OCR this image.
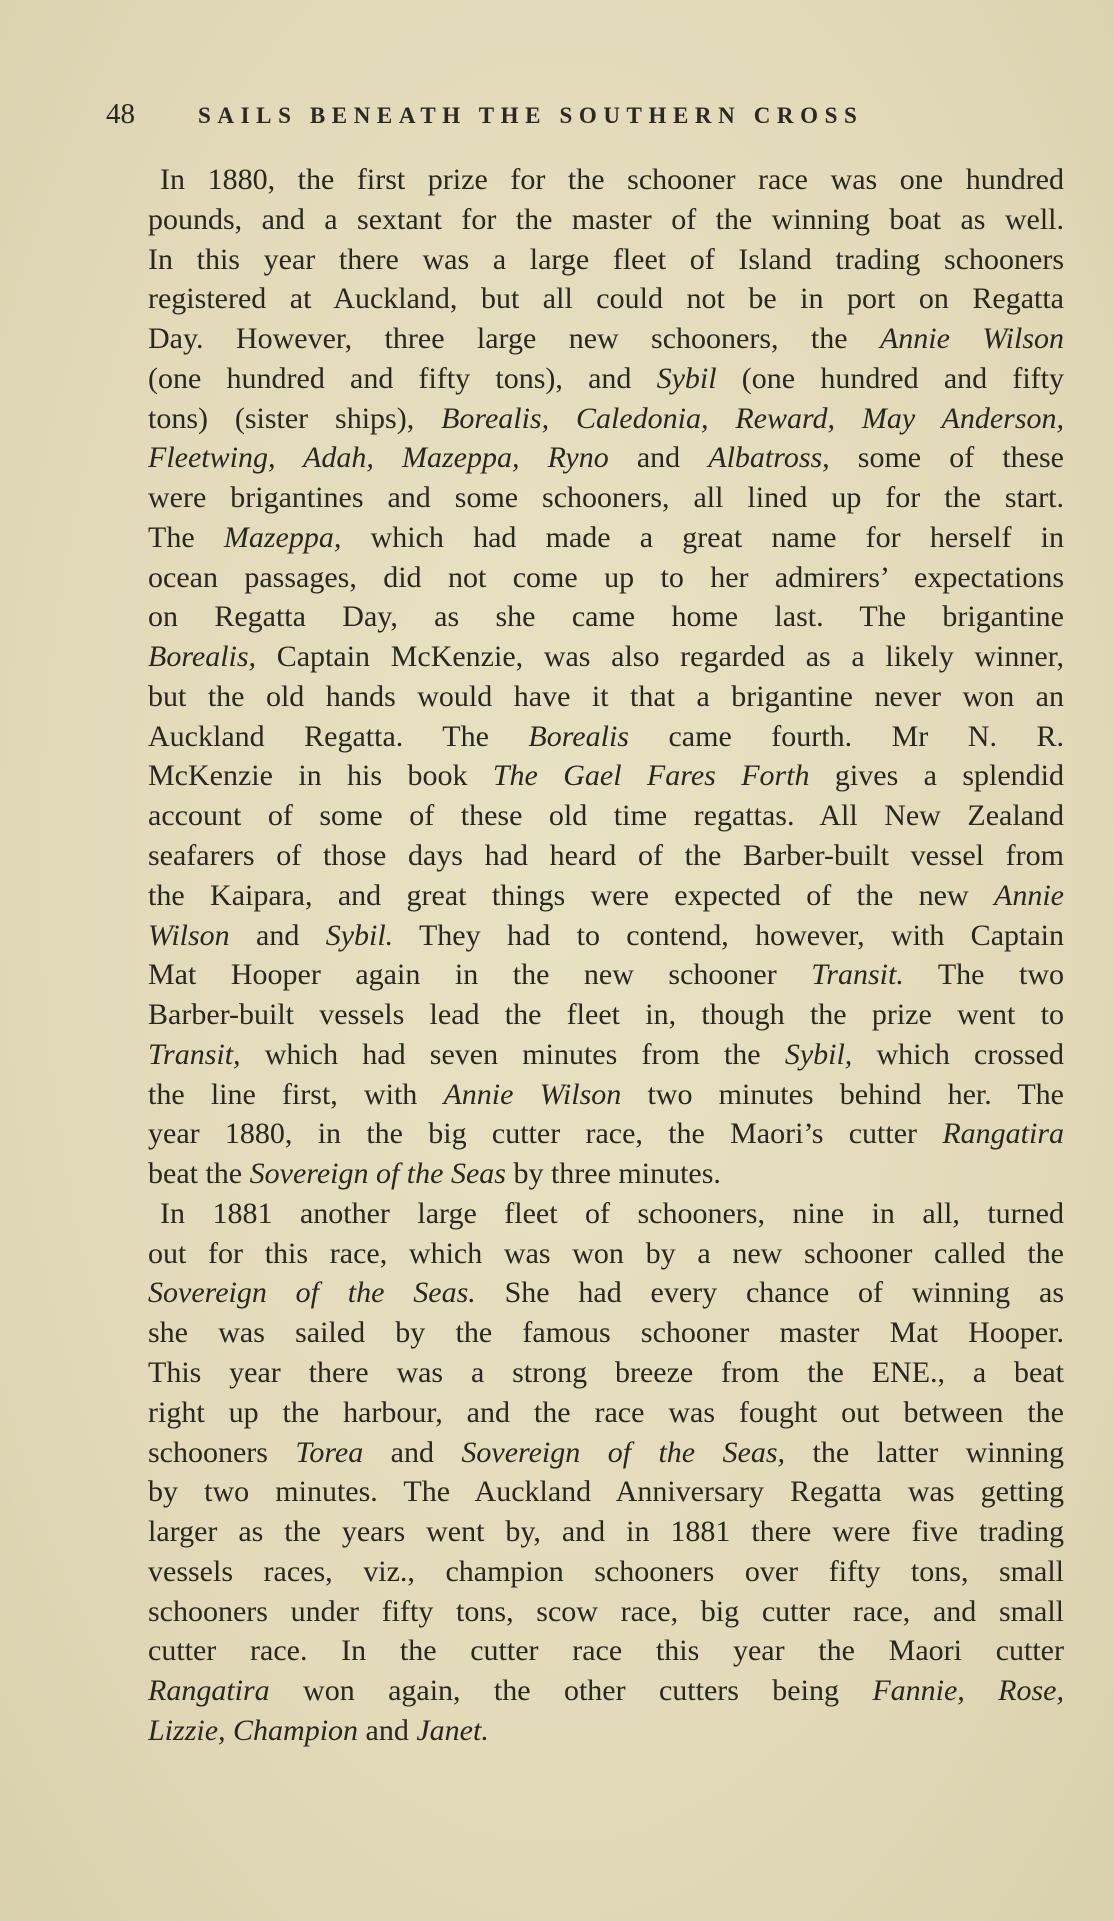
48	SAILS BENEATH THE SOUTHERN CROSS
In 1880, the first prize for the schooner race was one hundred
pounds, and a sextant for the master of the winning boat as well.
In this year there was a large fleet of Island trading schooners
registered at Auckland, but all could not be in port on Regatta
Day. However, three large new schooners, the Annie Wilson
(one hundred and fifty tons), and Sybil (one hundred and fifty
tons) (sister ships), Borealis, Caledonia, Reward, May Anderson,
Fleetwing, Adah, Mazeppa, Ryno and Albatross, some of these
were brigantines and some schooners, all lined up for the start.
The Mazeppa, which had made a great name for herself in
ocean passages, did not come up to her admirers’ expectations
on Regatta Day, as she came home last. The brigantine
Borealis, Captain McKenzie, was also regarded as a likely winner,
but the old hands would have it that a brigantine never won an
Auckland Regatta. The Borealis came fourth. Mr N. R.
McKenzie in his book The Gael Fares Forth gives a splendid
account of some of these old time regattas. All New Zealand
seafarers of those days had heard of the Barber-built vessel from
the Kaipara, and great things were expected of the new Annie
Wilson and Sybil. They had to contend, however, with Captain
Mat Hooper again in the new schooner Transit. The two
Barber-built vessels lead the fleet in, though the prize went to
Transit, which had seven minutes from the Sybil, which crossed
the line first, with Annie Wilson two minutes behind her. The
year 1880, in the big cutter race, the Maori’s cutter Rangatira
beat the Sovereign of the Seas by three minutes.
In 1881 another large fleet of schooners, nine in all, turned
out for this race, which was won by a new schooner called the
Sovereign of the Seas. She had every chance of winning as
she was sailed by the famous schooner master Mat Hooper.
This year there was a strong breeze from the ENE., a beat
right up the harbour, and the race was fought out between the
schooners Torea and Sovereign of the Seas, the latter winning
by two minutes. The Auckland Anniversary Regatta was getting
larger as the years went by, and in 1881 there were five trading
vessels races, viz., champion schooners over fifty tons, small
schooners under fifty tons, scow race, big cutter race, and small
cutter race. In the cutter race this year the Maori cutter
Rangatira won again, the other cutters being Fannie, Rose,
Lizzie, Champion and Janet.
